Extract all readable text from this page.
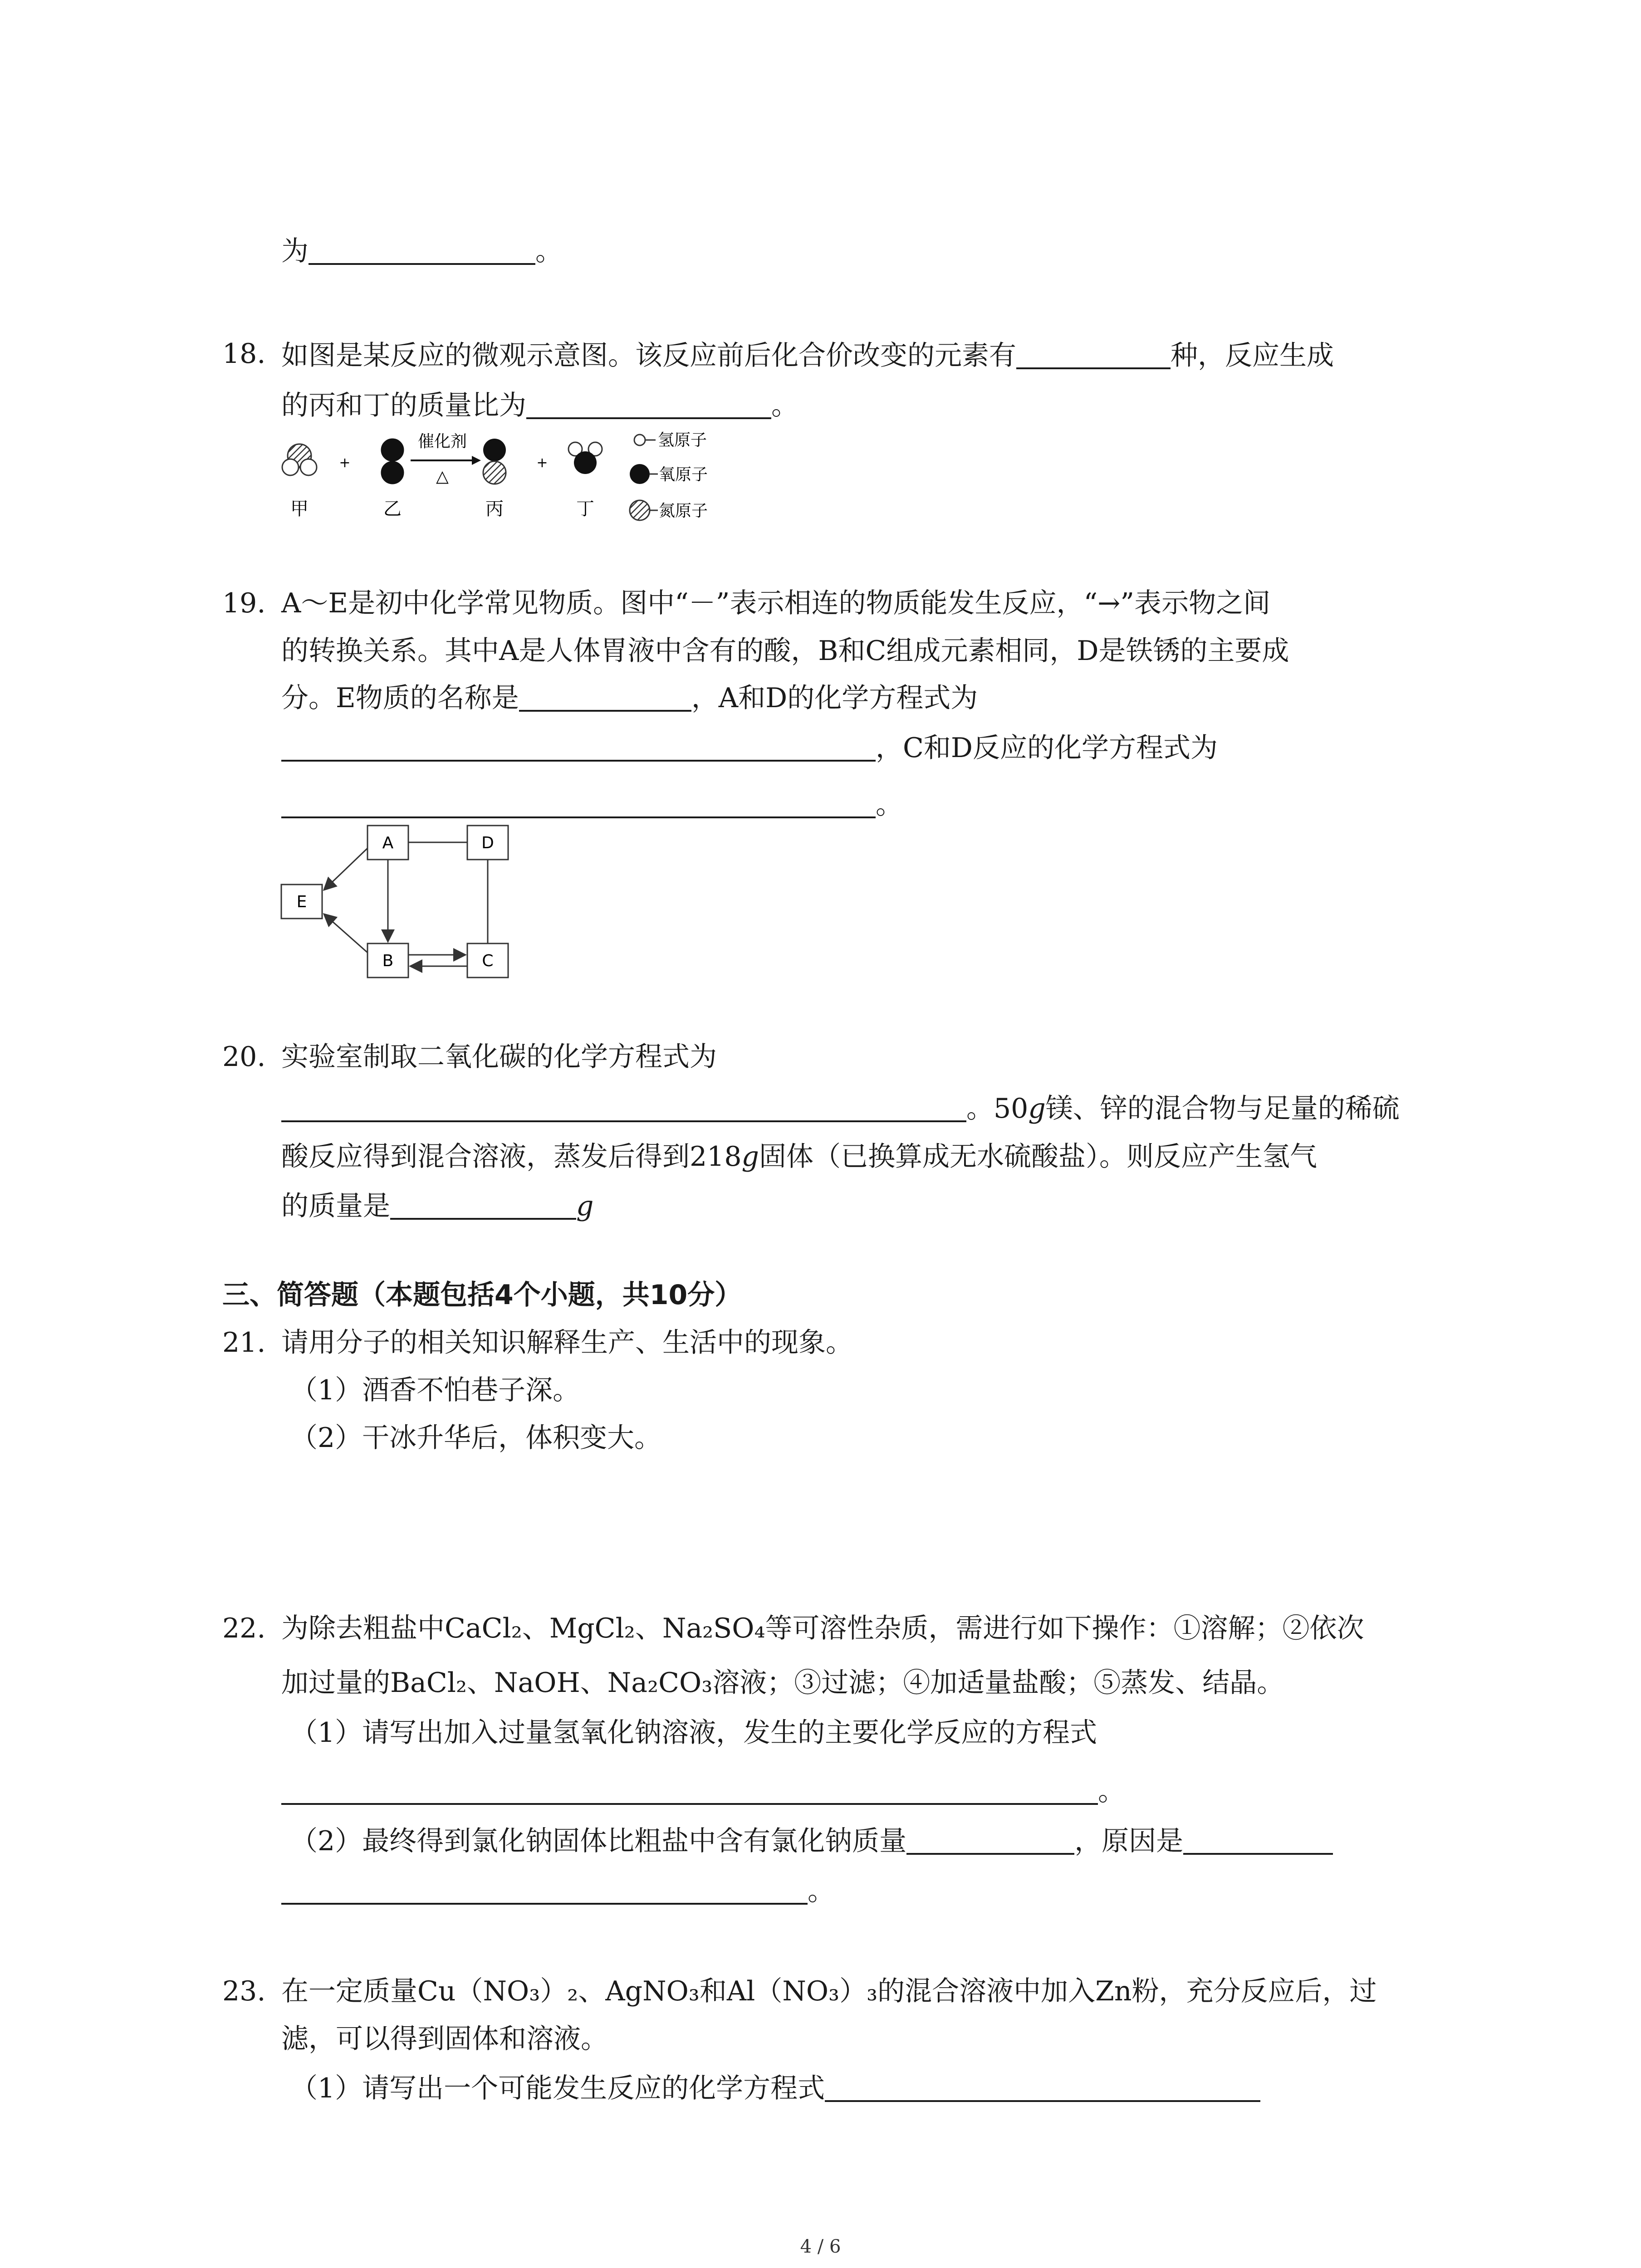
为	。
18. 如图是某反应的微观示意图。该反应前后化合价改变的元素有	种，反应生成
的丙和丁的质量比为	。
+
催化剂
△
+
甲	乙	丙	丁
氢原子
氧原子
氮原子
19. A～E是初中化学常见物质。图中“－”表示相连的物质能发生反应，“→”表示物之间
的转换关系。其中A是人体胃液中含有的酸，B和C组成元素相同，D是铁锈的主要成
分。E物质的名称是	，A和D的化学方程式为
，C和D反应的化学方程式为
。
A	D
E
B	C
20. 实验室制取二氧化碳的化学方程式为
。50g镁、锌的混合物与足量的稀硫
酸反应得到混合溶液，蒸发后得到218g固体（已换算成无水硫酸盐）。则反应产生氢气
的质量是	g
三、简答题（本题包括4个小题，共10分）
21. 请用分子的相关知识解释生产、生活中的现象。
（1）酒香不怕巷子深。
（2）干冰升华后，体积变大。
22. 为除去粗盐中CaCl₂、MgCl₂、Na₂SO₄等可溶性杂质，需进行如下操作：①溶解；②依次
加过量的BaCl₂、NaOH、Na₂CO₃溶液；③过滤；④加适量盐酸；⑤蒸发、结晶。
（1）请写出加入过量氢氧化钠溶液，发生的主要化学反应的方程式
。
（2）最终得到氯化钠固体比粗盐中含有氯化钠质量	，原因是
。
23. 在一定质量Cu（NO₃）₂、AgNO₃和Al（NO₃）₃的混合溶液中加入Zn粉，充分反应后，过
滤，可以得到固体和溶液。
（1）请写出一个可能发生反应的化学方程式
4 / 6
